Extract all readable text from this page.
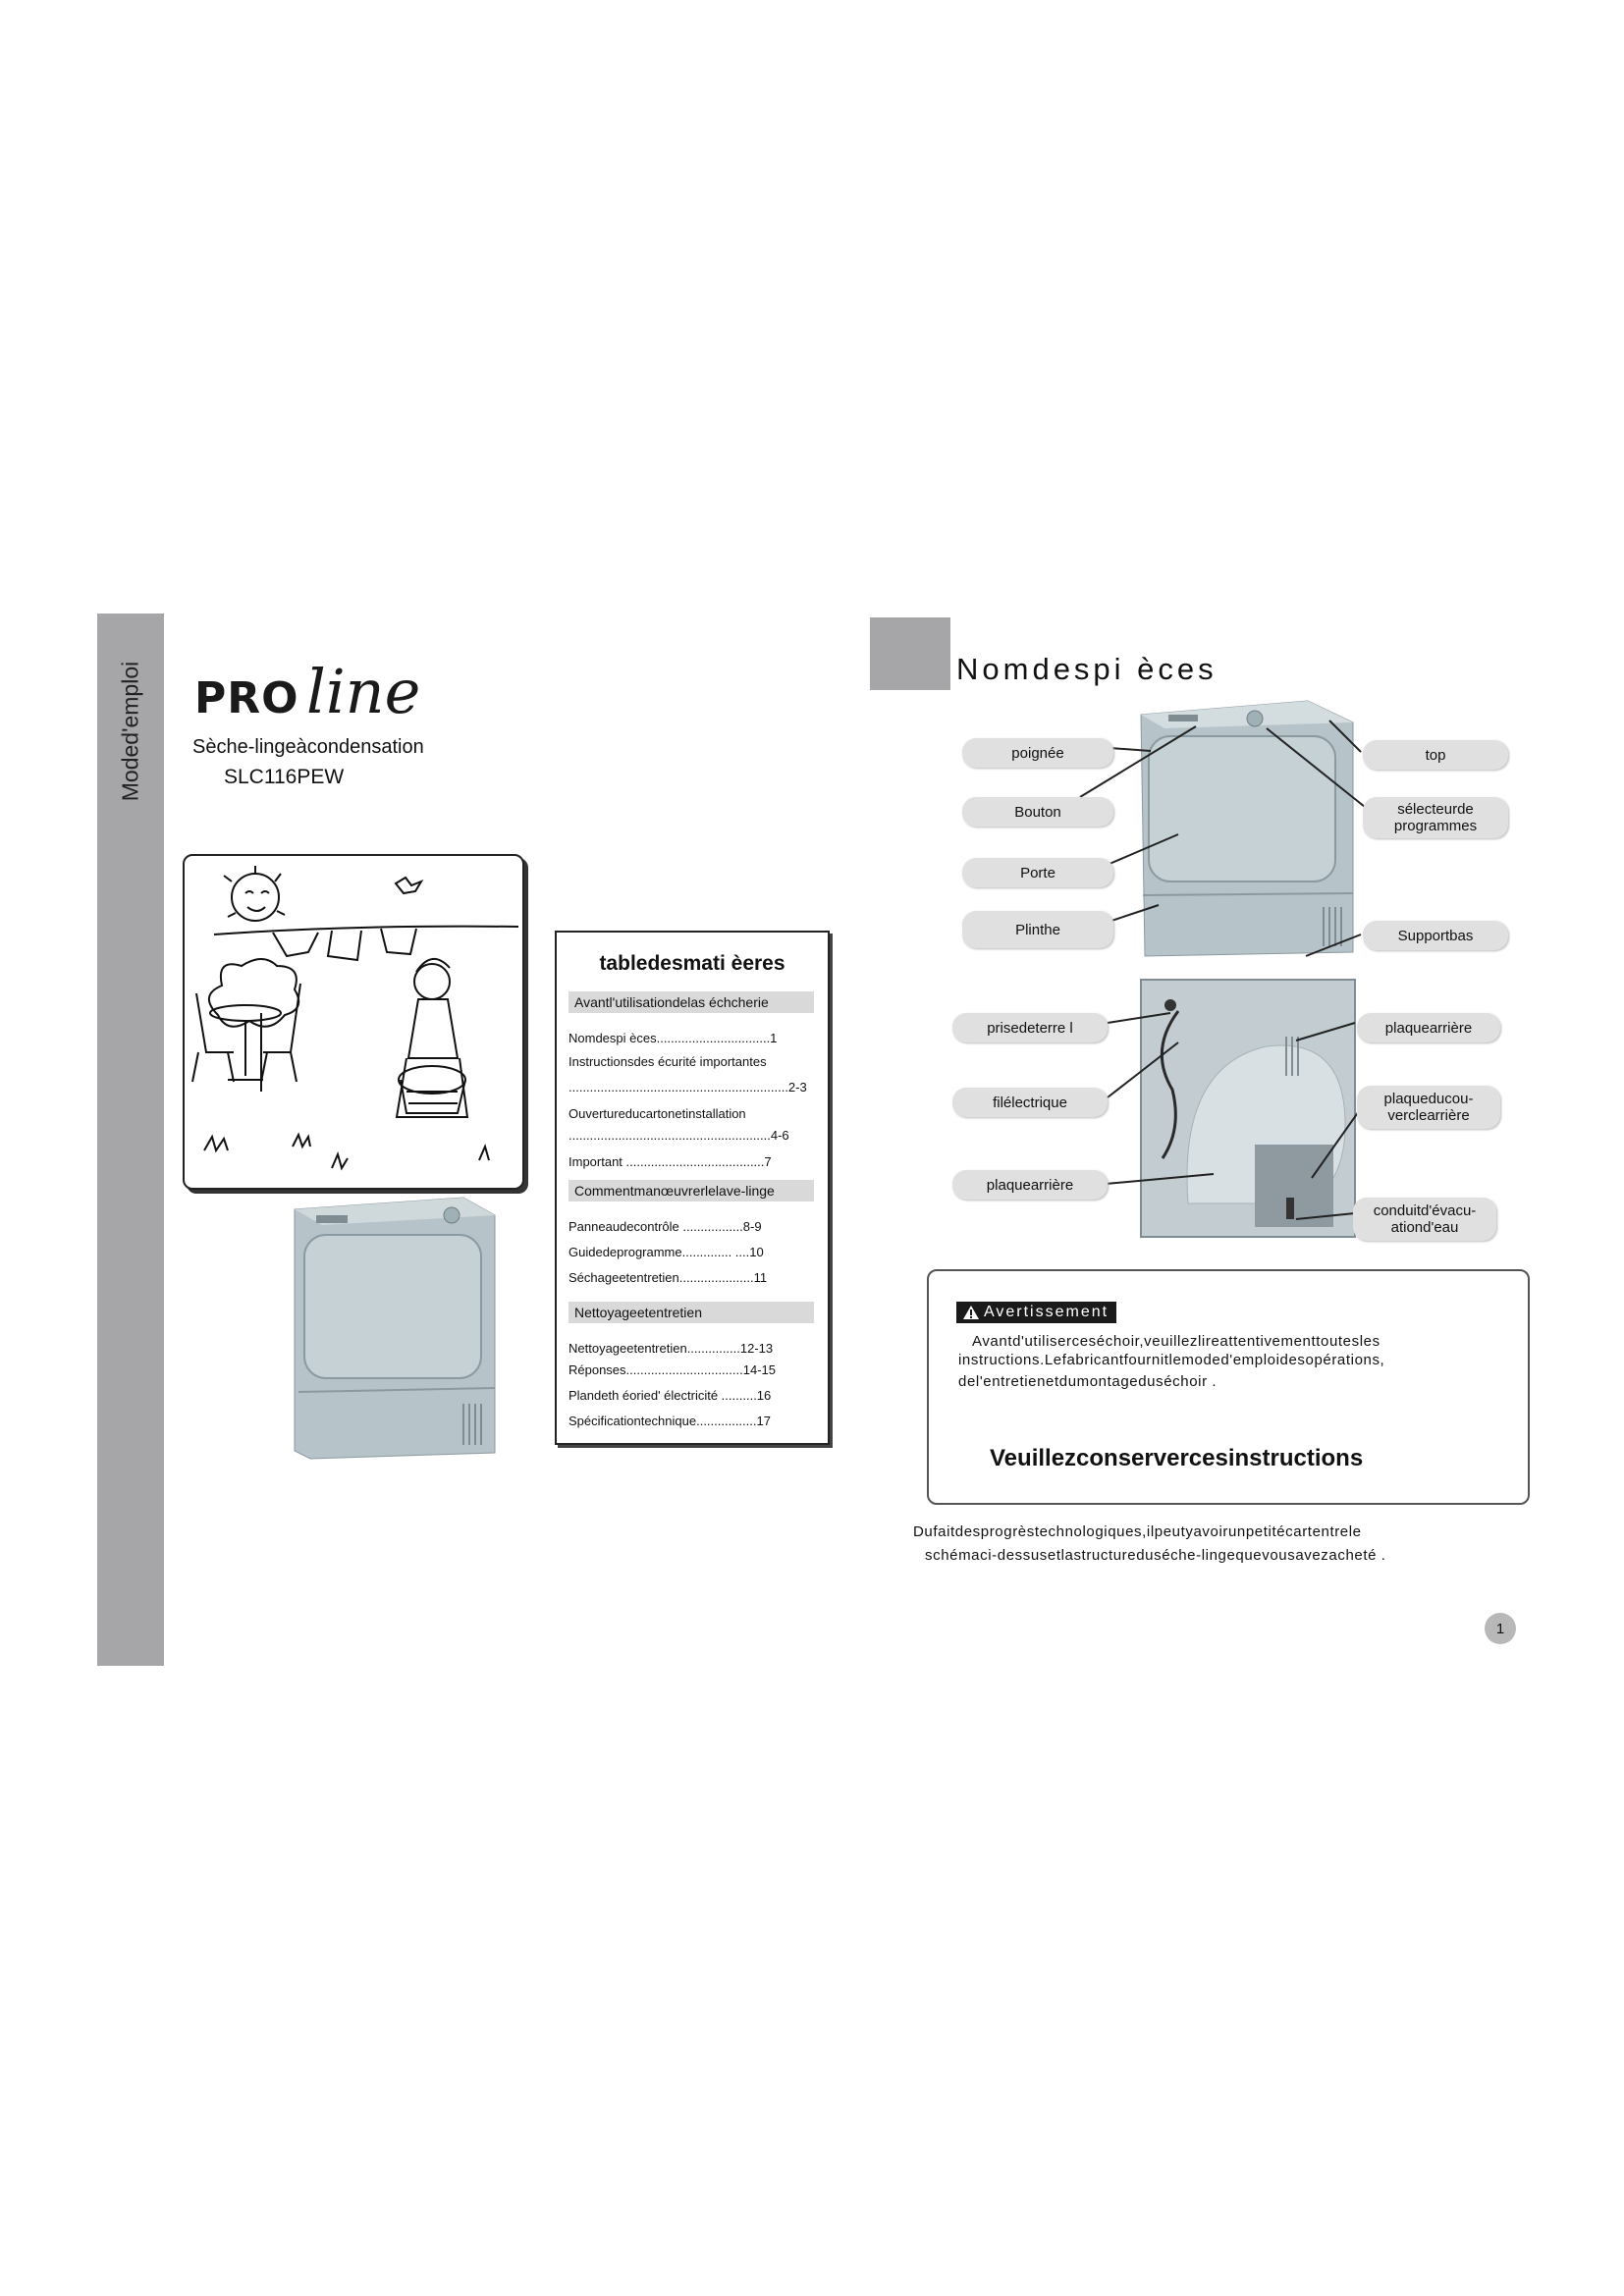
Moded'emploi PRO line
Sèche-lingeàcondensation
SLC116PEW
tabledesmati èeres
Avantl'utilisationdelas échcherie
Nomdespi èces................................1
Instructionsdes écurité importantes
..............................................................2-3
Ouvertureducartonetinstallation
.........................................................4-6
Important .......................................7
Commentmanœuvrerlelave-linge
Panneaudecontrôle .................8-9
Guidedeprogramme.............. ....10
Séchageetentretien.....................11
Nettoyageetentretien
Nettoyageetentretien...............12-13
Réponses.................................14-15
Plandeth éoried' électricité ..........16
Spécificationtechnique.................17
Nomdespi èces
poignée
Bouton
Porte
Plinthe
top
sélecteurde
programmes
Supportbas
prisedeterre l
filélectrique
plaquearrière
plaquearrière
plaqueducou-
verclearrière
conduitd'évacu-
ationd'eau
Avertissement
Avantd'utiliserceséchoir,veuillezlireattentivementtoutesles
instructions.Lefabricantfournitlemoded'emploidesopérations,
del'entretienetdumontageduséchoir .
Veuillezconservercesinstructions
Dufaitdesprogrèstechnologiques,ilpeutyavoirunpetitécartentrele
schémaci-dessusetlastructureduséche-lingequevousavezacheté .
1
